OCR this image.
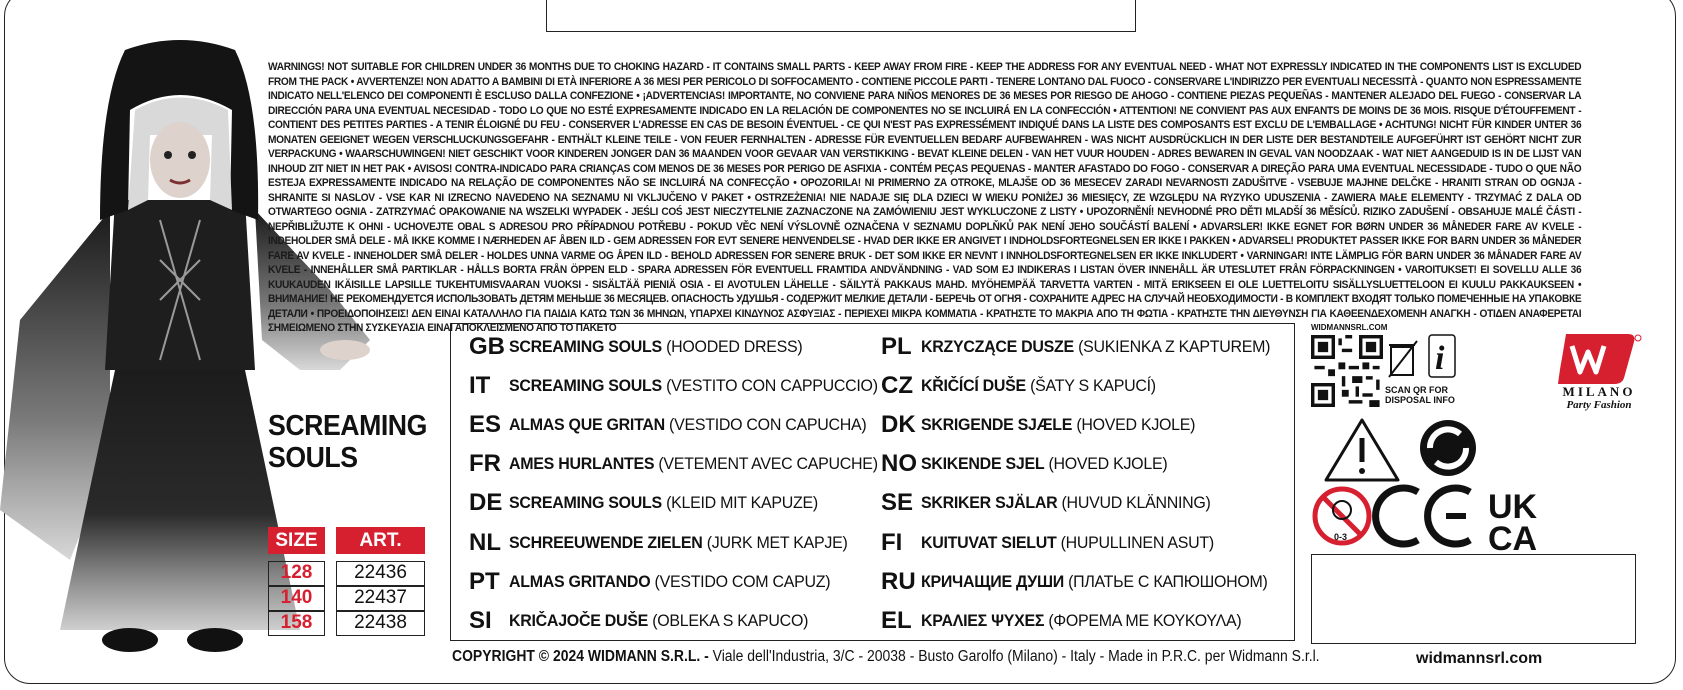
WARNINGS! NOT SUITABLE FOR CHILDREN UNDER 36 MONTHS DUE TO CHOKING HAZARD - IT CONTAINS SMALL PARTS - KEEP AWAY FROM FIRE - KEEP THE ADDRESS FOR ANY EVENTUAL NEED - WHAT NOT EXPRESSLY INDICATED IN THE COMPONENTS LIST IS EXCLUDED FROM THE PACK • AVVERTENZE! NON ADATTO A BAMBINI DI ETÀ INFERIORE A 36 MESI PER PERICOLO DI SOFFOCAMENTO - CONTIENE PICCOLE PARTI - TENERE LONTANO DAL FUOCO - CONSERVARE L'INDIRIZZO PER EVENTUALI NECESSITÀ - QUANTO NON ESPRESSAMENTE INDICATO NELL'ELENCO DEI COMPONENTI È ESCLUSO DALLA CONFEZIONE • ¡ADVERTENCIAS! IMPORTANTE, NO CONVIENE PARA NIÑOS MENORES DE 36 MESES POR RIESGO DE AHOGO - CONTIENE PIEZAS PEQUEÑAS - MANTENER ALEJADO DEL FUEGO - CONSERVAR LA DIRECCIÓN PARA UNA EVENTUAL NECESIDAD - TODO LO QUE NO ESTÉ EXPRESAMENTE INDICADO EN LA RELACIÓN DE COMPONENTES NO SE INCLUIRÁ EN LA CONFECCIÓN • ATTENTION! NE CONVIENT PAS AUX ENFANTS DE MOINS DE 36 MOIS. RISQUE D'ÉTOUFFEMENT - CONTIENT DES PETITES PARTIES - A TENIR ÉLOIGNÉ DU FEU - CONSERVER L'ADRESSE EN CAS DE BESOIN ÉVENTUEL - CE QUI N'EST PAS EXPRESSÉMENT INDIQUÉ DANS LA LISTE DES COMPOSANTS EST EXCLU DE L'EMBALLAGE • ACHTUNG! NICHT FÜR KINDER UNTER 36 MONATEN GEEIGNET WEGEN VERSCHLUCKUNGSGEFAHR - ENTHÄLT KLEINE TEILE - VON FEUER FERNHALTEN - ADRESSE FÜR EVENTUELLEN BEDARF AUFBEWAHREN - WAS NICHT AUSDRÜCKLICH IN DER LISTE DER BESTANDTEILE AUFGEFÜHRT IST GEHÖRT NICHT ZUR VERPACKUNG • WAARSCHUWINGEN! NIET GESCHIKT VOOR KINDEREN JONGER DAN 36 MAANDEN VOOR GEVAAR VAN VERSTIKKING - BEVAT KLEINE DELEN - VAN HET VUUR HOUDEN - ADRES BEWAREN IN GEVAL VAN NOODZAAK - WAT NIET AANGEDUID IS IN DE LIJST VAN INHOUD ZIT NIET IN HET PAK • AVISOS! CONTRA-INDICADO PARA CRIANÇAS COM MENOS DE 36 MESES POR PERIGO DE ASFIXIA - CONTÉM PEÇAS PEQUENAS - MANTER AFASTADO DO FOGO - CONSERVAR A DIREÇÃO PARA UMA EVENTUAL NECESSIDADE - TUDO O QUE NÃO ESTEJA EXPRESSAMENTE INDICADO NA RELAÇÃO DE COMPONENTES NÃO SE INCLUIRÁ NA CONFECÇÃO • OPOZORILA! NI PRIMERNO ZA OTROKE, MLAJŠE OD 36 MESECEV ZARADI NEVARNOSTI ZADUŠITVE - VSEBUJE MAJHNE DELČKE - HRANITI STRAN OD OGNJA - SHRANITE SI NASLOV - VSE KAR NI IZRECNO NAVEDENO NA SEZNAMU NI VKLJUČENO V PAKET • OSTRZEŻENIA! NIE NADAJE SIĘ DLA DZIECI W WIEKU PONIŻEJ 36 MIESIĘCY, ZE WZGLĘDU NA RYZYKO UDUSZENIA - ZAWIERA MAŁE ELEMENTY - TRZYMAĆ Z DALA OD OTWARTEGO OGNIA - ZATRZYMAĆ OPAKOWANIE NA WSZELKI WYPADEK - JEŚLI COŚ JEST NIECZYTELNIE ZAZNACZONE NA ZAMÓWIENIU JEST WYKLUCZONE Z LISTY • UPOZORNĚNÍ! NEVHODNÉ PRO DĚTI MLADŠÍ 36 MĚSÍCŮ. RIZIKO ZADUŠENÍ - OBSAHUJE MALÉ ČÁSTI - NEPŘIBLIŽUJTE K OHNI - UCHOVEJTE OBAL S ADRESOU PRO PŘÍPADNOU POTŘEBU - POKUD VĚC NENÍ VÝSLOVNĚ OZNAČENA V SEZNAMU DOPLŇKŮ PAK NENÍ JEHO SOUČÁSTÍ BALENÍ • ADVARSLER! IKKE EGNET FOR BØRN UNDER 36 MÅNEDER FARE AV KVELE - INDEHOLDER SMÅ DELE - MÅ IKKE KOMME I NÆRHEDEN AF ÅBEN ILD - GEM ADRESSEN FOR EVT SENERE HENVENDELSE - HVAD DER IKKE ER ANGIVET I INDHOLDSFORTEGNELSEN ER IKKE I PAKKEN • ADVARSEL! PRODUKTET PASSER IKKE FOR BARN UNDER 36 MÅNEDER FARE AV KVELE - INNEHOLDER SMÅ DELER - HOLDES UNNA VARME OG ÅPEN ILD - BEHOLD ADRESSEN FOR SENERE BRUK - DET SOM IKKE ER NEVNT I INNHOLDSFORTEGNELSEN ER IKKE INKLUDERT • VARNINGAR! INTE LÄMPLIG FÖR BARN UNDER 36 MÅNADER FARE AV KVELE - INNEHÅLLER SMÅ PARTIKLAR - HÅLLS BORTA FRÅN ÖPPEN ELD - SPARA ADRESSEN FÖR EVENTUELL FRAMTIDA ANDVÄNDNING - VAD SOM EJ INDIKERAS I LISTAN ÖVER INNEHÅLL ÄR UTESLUTET FRÅN FÖRPACKNINGEN • VAROITUKSET! EI SOVELLU ALLE 36 KUUKAUDEN IKÄISILLE LAPSILLE TUKEHTUMISVAARAN VUOKSI - SISÄLTÄÄ PIENIÄ OSIA - EI AVOTULEN LÄHELLE - SÄILYTÄ PAKKAUS MAHD. MYÖHEMPÄÄ TARVETTA VARTEN - MITÄ ERIKSEEN EI OLE LUETTELOITU SISÄLLYSLUETTELOON EI KUULU PAKKAUKSEEN • ВНИМАНИЕ! НЕ РЕКОМЕНДУЕТСЯ ИСПОЛЬЗОВАТЬ ДЕТЯМ МЕНЬШЕ 36 МЕСЯЦЕВ. ОПАСНОСТЬ УДУШЬЯ - СОДЕРЖИТ МЕЛКИЕ ДЕТАЛИ - БЕРЕЧЬ ОТ ОГНЯ - СОХРАНИТЕ АДРЕС НА СЛУЧАЙ НЕОБХОДИМОСТИ - В КОМПЛЕКТ ВХОДЯТ ТОЛЬКО ПОМЕЧЕННЫЕ НА УПАКОВКЕ ДЕТАЛИ • ΠΡΟΕΙΔΟΠΟΙΗΣΕΙΣ! ΔΕΝ ΕΙΝΑΙ ΚΑΤΑΛΛΗΛΟ ΓΙΑ ΠΑΙΔΙΑ ΚΑΤΩ ΤΩΝ 36 ΜΗΝΩΝ, ΥΠΑΡΧΕΙ ΚΙΝΔΥΝΟΣ ΑΣΦΥΞΙΑΣ - ΠΕΡΙΕΧΕΙ ΜΙΚΡΑ ΚΟΜΜΑΤΙΑ - ΚΡΑΤΗΣΤΕ ΤΟ ΜΑΚΡΙΑ ΑΠΟ ΤΗ ΦΩΤΙΑ - ΚΡΑΤΗΣΤΕ ΤΗΝ ΔΙΕΥΘΥΝΣΗ ΓΙΑ ΚΑΘΕΕΝΔΕΧΟΜΕΝΗ ΑΝΑΓΚΗ - ΟΤΙΔΕΝ ΑΝΑΦΕΡΕΤΑΙ ΣΗΜΕΙΩΜΕΝΟ ΣΤΗΝ ΣΥΣΚΕΥΑΣΙΑ ΕΙΝΑΙ ΑΠΟΚΛΕΙΣΜΕΝΟ ΑΠΟ ΤΟ ΠΑΚΕΤΟ
SCREAMING
SOULS
SIZE	ART.
128	22436
140	22437
158	22438
GB SCREAMING SOULS (HOODED DRESS)
IT SCREAMING SOULS (VESTITO CON CAPPUCCIO)
ES ALMAS QUE GRITAN (VESTIDO CON CAPUCHA)
FR AMES HURLANTES (VETEMENT AVEC CAPUCHE)
DE SCREAMING SOULS (KLEID MIT KAPUZE)
NL SCHREEUWENDE ZIELEN (JURK MET KAPJE)
PT ALMAS GRITANDO (VESTIDO COM CAPUZ)
SI KRIČAJOČE DUŠE (OBLEKA S KAPUCO)
PL KRZYCZĄCE DUSZE (SUKIENKA Z KAPTUREM)
CZ KŘIČÍCÍ DUŠE (ŠATY S KAPUCÍ)
DK SKRIGENDE SJÆLE (HOVED KJOLE)
NO SKIKENDE SJEL (HOVED KJOLE)
SE SKRIKER SJÄLAR (HUVUD KLÄNNING)
FI KUITUVAT SIELUT (HUPULLINEN ASUT)
RU КРИЧАЩИЕ ДУШИ (ПЛАТЬЕ С КАПЮШОНОМ)
EL ΚΡΑΛΙΕΣ ΨΥΧΕΣ (ΦΟΡΕΜΑ ΜΕ ΚΟΥΚΟΥΛΑ)
COPYRIGHT © 2024 WIDMANN S.R.L. - Viale dell'Industria, 3/C - 20038 - Busto Garolfo (Milano) - Italy - Made in P.R.C. per Widmann S.r.l.	widmannsrl.com
WIDMANNSRL.COM
i
SCAN QR FOR
DISPOSAL INFO
MILANO
Party Fashion
0-3
UK
CA
